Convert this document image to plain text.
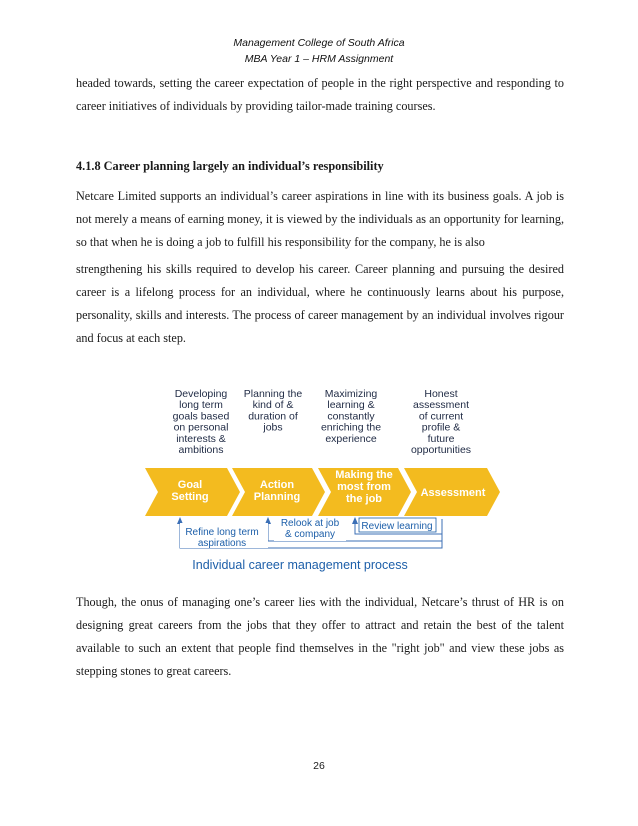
Management College of South Africa
MBA Year 1 – HRM Assignment

headed towards, setting the career expectation of people in the right perspective and responding to career initiatives of individuals by providing tailor-made training courses.

4.1.8 Career planning largely an individual’s responsibility

Netcare Limited supports an individual’s career aspirations in line with its business goals. A job is not merely a means of earning money, it is viewed by the individuals as an opportunity for learning, so that when he is doing a job to fulfill his responsibility for the company, he is also

strengthening his skills required to develop his career. Career planning and pursuing the desired career is a lifelong process for an individual, where he continuously learns about his purpose, personality, skills and interests. The process of career management by an individual involves rigour and focus at each step.

Developing long term goals based on personal interests & ambitions
Planning the kind of & duration of jobs
Maximizing learning & constantly enriching the experience
Honest assessment of current profile & future opportunities
Goal Setting
Action Planning
Making the most from the job	Assessment
Refine long term aspirations
Relook at job & company
Review learning
Individual career management process

Though, the onus of managing one’s career lies with the individual, Netcare’s thrust of HR is on designing great careers from the jobs that they offer to attract and retain the best of the talent available to such an extent that people find themselves in the "right job" and view these jobs as stepping stones to great careers.

26
